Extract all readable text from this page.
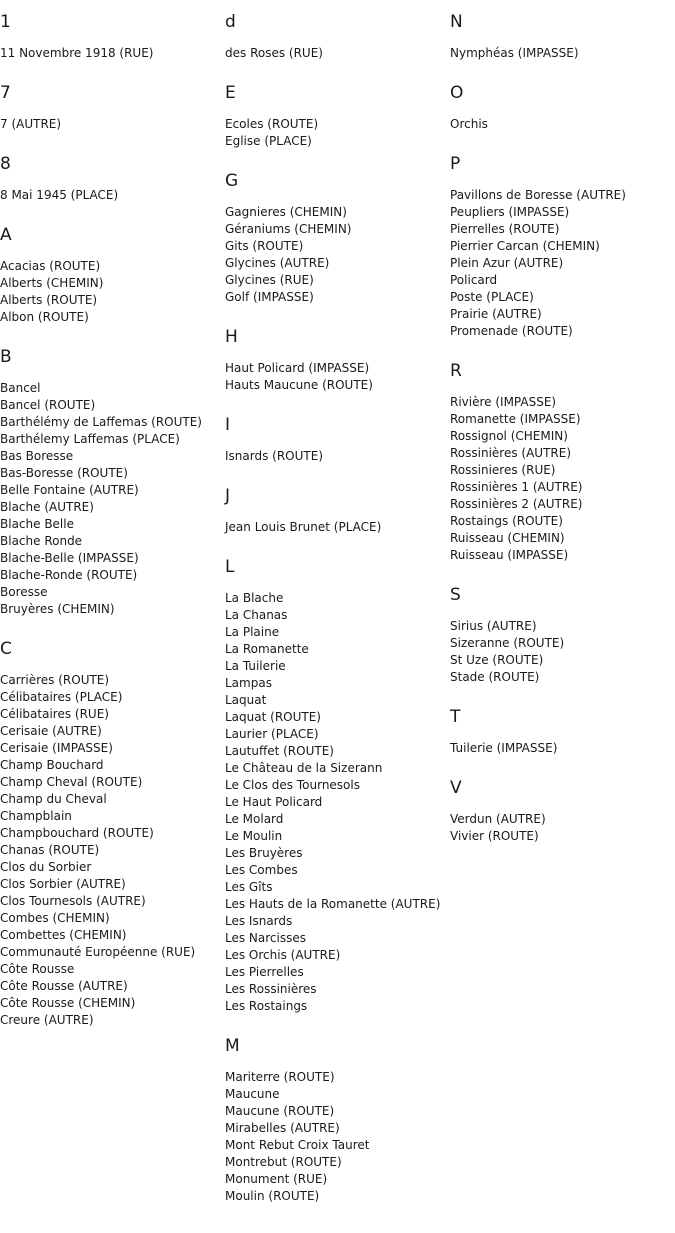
1
11 Novembre 1918 (RUE)
7
7 (AUTRE)
8
8 Mai 1945 (PLACE)
A
Acacias (ROUTE)
Alberts (CHEMIN)
Alberts (ROUTE)
Albon (ROUTE)
B
Bancel
Bancel (ROUTE)
Barthélémy de Laffemas (ROUTE)
Barthélemy Laffemas (PLACE)
Bas Boresse
Bas-Boresse (ROUTE)
Belle Fontaine (AUTRE)
Blache (AUTRE)
Blache Belle
Blache Ronde
Blache-Belle (IMPASSE)
Blache-Ronde (ROUTE)
Boresse
Bruyères (CHEMIN)
C
Carrières (ROUTE)
Célibataires (PLACE)
Célibataires (RUE)
Cerisaie (AUTRE)
Cerisaie (IMPASSE)
Champ Bouchard
Champ Cheval (ROUTE)
Champ du Cheval
Champblain
Champbouchard (ROUTE)
Chanas (ROUTE)
Clos du Sorbier
Clos Sorbier (AUTRE)
Clos Tournesols (AUTRE)
Combes (CHEMIN)
Combettes (CHEMIN)
Communauté Européenne (RUE)
Côte Rousse
Côte Rousse (AUTRE)
Côte Rousse (CHEMIN)
Creure (AUTRE)
d
des Roses (RUE)
E
Ecoles (ROUTE)
Eglise (PLACE)
G
Gagnieres (CHEMIN)
Géraniums (CHEMIN)
Gits (ROUTE)
Glycines (AUTRE)
Glycines (RUE)
Golf (IMPASSE)
H
Haut Policard (IMPASSE)
Hauts Maucune (ROUTE)
I
Isnards (ROUTE)
J
Jean Louis Brunet (PLACE)
L
La Blache
La Chanas
La Plaine
La Romanette
La Tuilerie
Lampas
Laquat
Laquat (ROUTE)
Laurier (PLACE)
Lautuffet (ROUTE)
Le Château de la Sizerann
Le Clos des Tournesols
Le Haut Policard
Le Molard
Le Moulin
Les Bruyères
Les Combes
Les Gîts
Les Hauts de la Romanette (AUTRE)
Les Isnards
Les Narcisses
Les Orchis (AUTRE)
Les Pierrelles
Les Rossinières
Les Rostaings
M
Mariterre (ROUTE)
Maucune
Maucune (ROUTE)
Mirabelles (AUTRE)
Mont Rebut Croix Tauret
Montrebut (ROUTE)
Monument (RUE)
Moulin (ROUTE)
N
Nymphéas (IMPASSE)
O
Orchis
P
Pavillons de Boresse (AUTRE)
Peupliers (IMPASSE)
Pierrelles (ROUTE)
Pierrier Carcan (CHEMIN)
Plein Azur (AUTRE)
Policard
Poste (PLACE)
Prairie (AUTRE)
Promenade (ROUTE)
R
Rivière (IMPASSE)
Romanette (IMPASSE)
Rossignol (CHEMIN)
Rossinières (AUTRE)
Rossinieres (RUE)
Rossinières 1 (AUTRE)
Rossinières 2 (AUTRE)
Rostaings (ROUTE)
Ruisseau (CHEMIN)
Ruisseau (IMPASSE)
S
Sirius (AUTRE)
Sizeranne (ROUTE)
St Uze (ROUTE)
Stade (ROUTE)
T
Tuilerie (IMPASSE)
V
Verdun (AUTRE)
Vivier (ROUTE)
